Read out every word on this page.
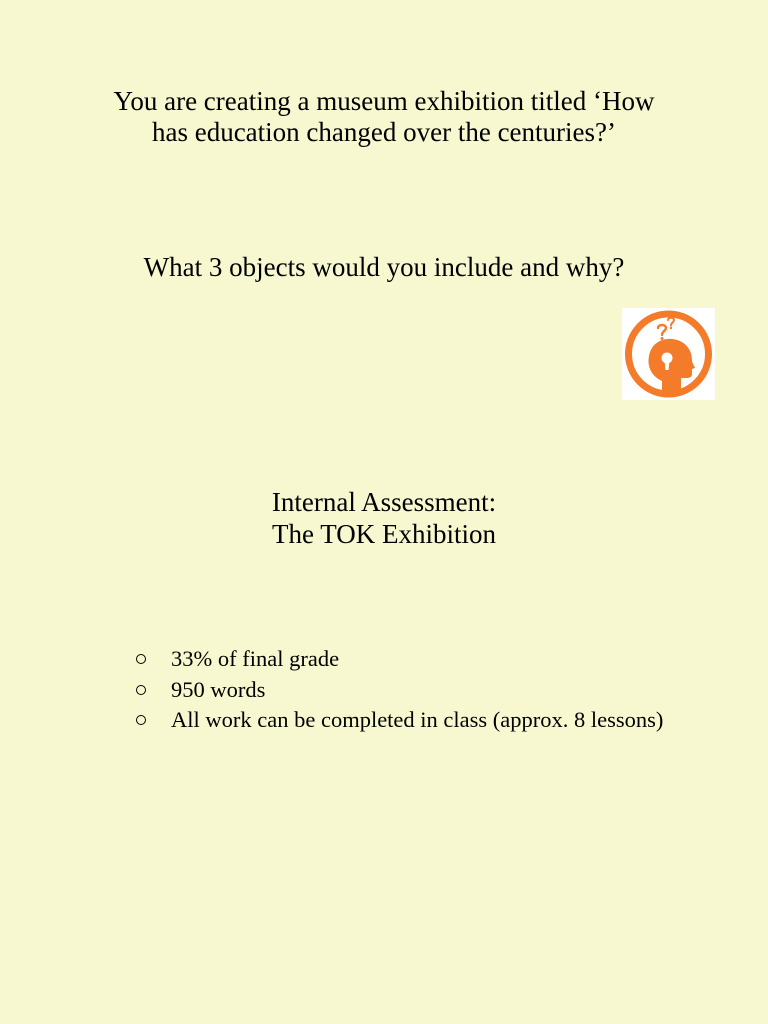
You are creating a museum exhibition titled ‘How
has education changed over the centuries?’
What 3 objects would you include and why?
Internal Assessment:
The TOK Exhibition
33% of final grade
950 words
All work can be completed in class (approx. 8 lessons)
